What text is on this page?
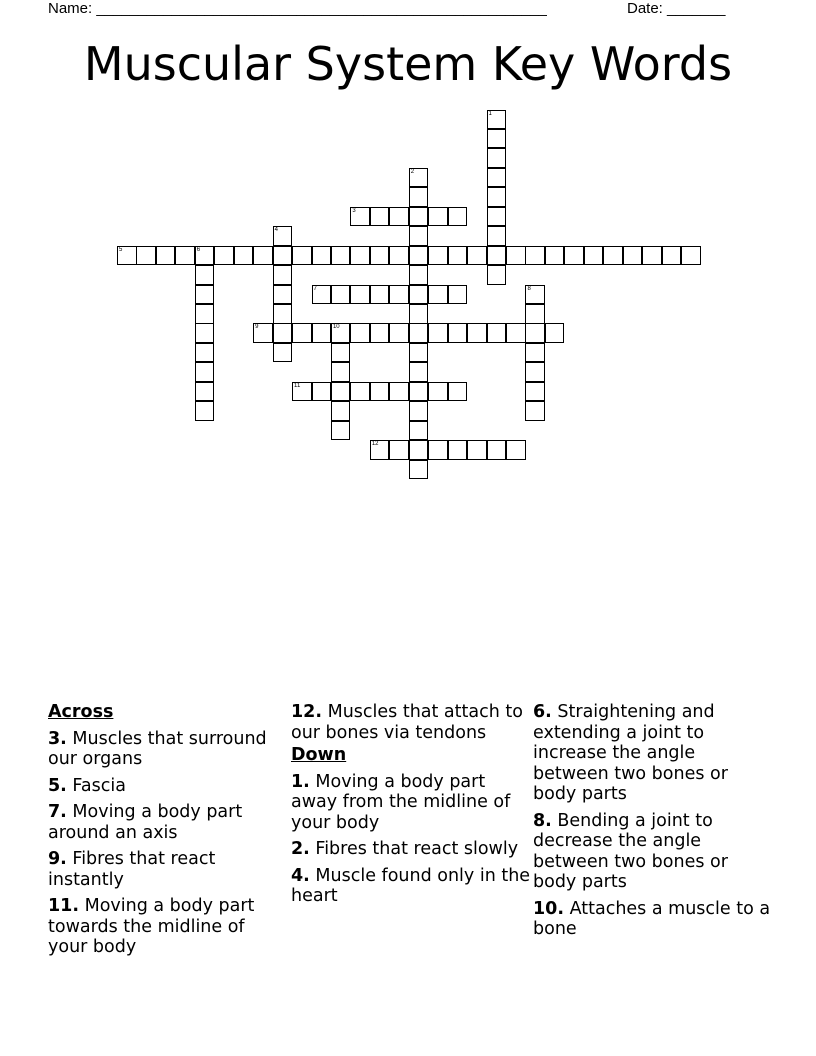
Name: ______________________________________________________	Date: _______
Muscular System Key Words
1
2
3
4
5	6
7	8
9	10
11
12
Across
3. Muscles that surround our organs
5. Fascia
7. Moving a body part around an axis
9. Fibres that react instantly
11. Moving a body part towards the midline of your body
12. Muscles that attach to our bones via tendons
Down
1. Moving a body part away from the midline of your body
2. Fibres that react slowly
4. Muscle found only in the heart
6. Straightening and extending a joint to increase the angle between two bones or body parts
8. Bending a joint to decrease the angle between two bones or body parts
10. Attaches a muscle to a bone
